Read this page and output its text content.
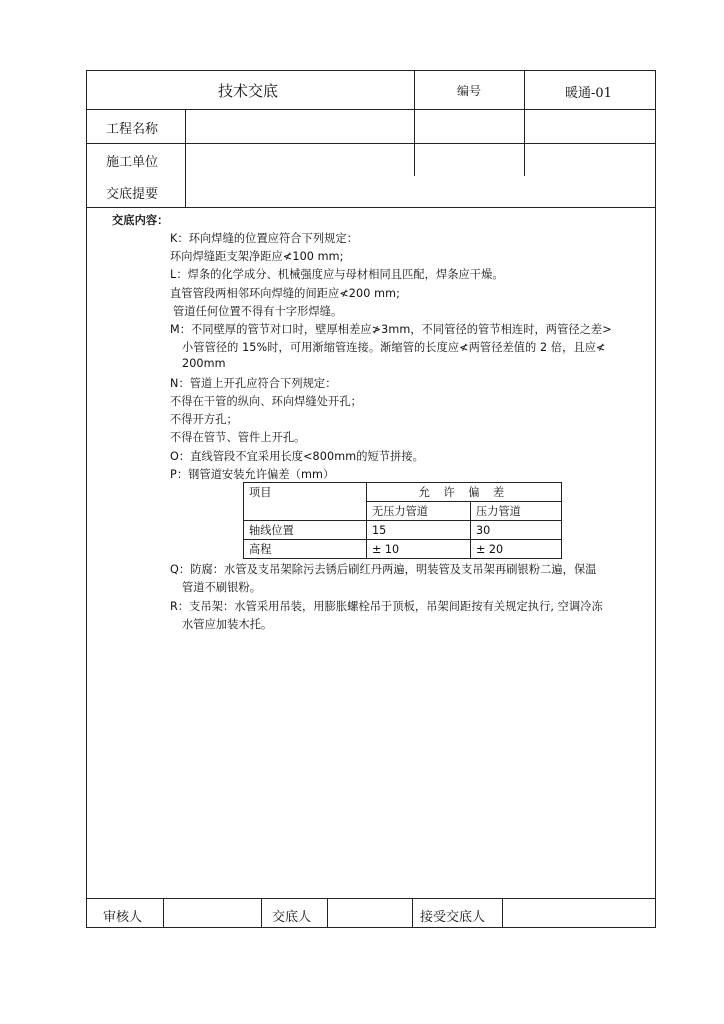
技术交底	编号	暖通-01
工程名称
施工单位
交底提要
交底内容：
K：环向焊缝的位置应符合下列规定：
环向焊缝距支架净距应≮100 mm;
L：焊条的化学成分、机械强度应与母材相同且匹配，焊条应干燥。
直管管段两相邻环向焊缝的间距应≮200 mm;
管道任何位置不得有十字形焊缝。
M：不同壁厚的管节对口时，壁厚相差应≯3mm，不同管径的管节相连时，两管径之差>
小管管径的 15%时，可用渐缩管连接。渐缩管的长度应≮两管径差值的 2 倍，且应≮
200mm
N：管道上开孔应符合下列规定：
不得在干管的纵向、环向焊缝处开孔；
不得开方孔；
不得在管节、管件上开孔。
O：直线管段不宜采用长度<800mm的短节拼接。
P：钢管道安装允许偏差（mm）
项目	允 许 偏 差	
	无压力管道	压力管道
轴线位置	15	30
高程	± 10	± 20
Q：防腐：水管及支吊架除污去锈后刷红丹两遍，明装管及支吊架再刷银粉二遍，保温
管道不刷银粉。
R：支吊架：水管采用吊装，用膨胀螺栓吊于顶板，吊架间距按有关规定执行, 空调冷冻
水管应加装木托。
审核人	交底人	接受交底人
